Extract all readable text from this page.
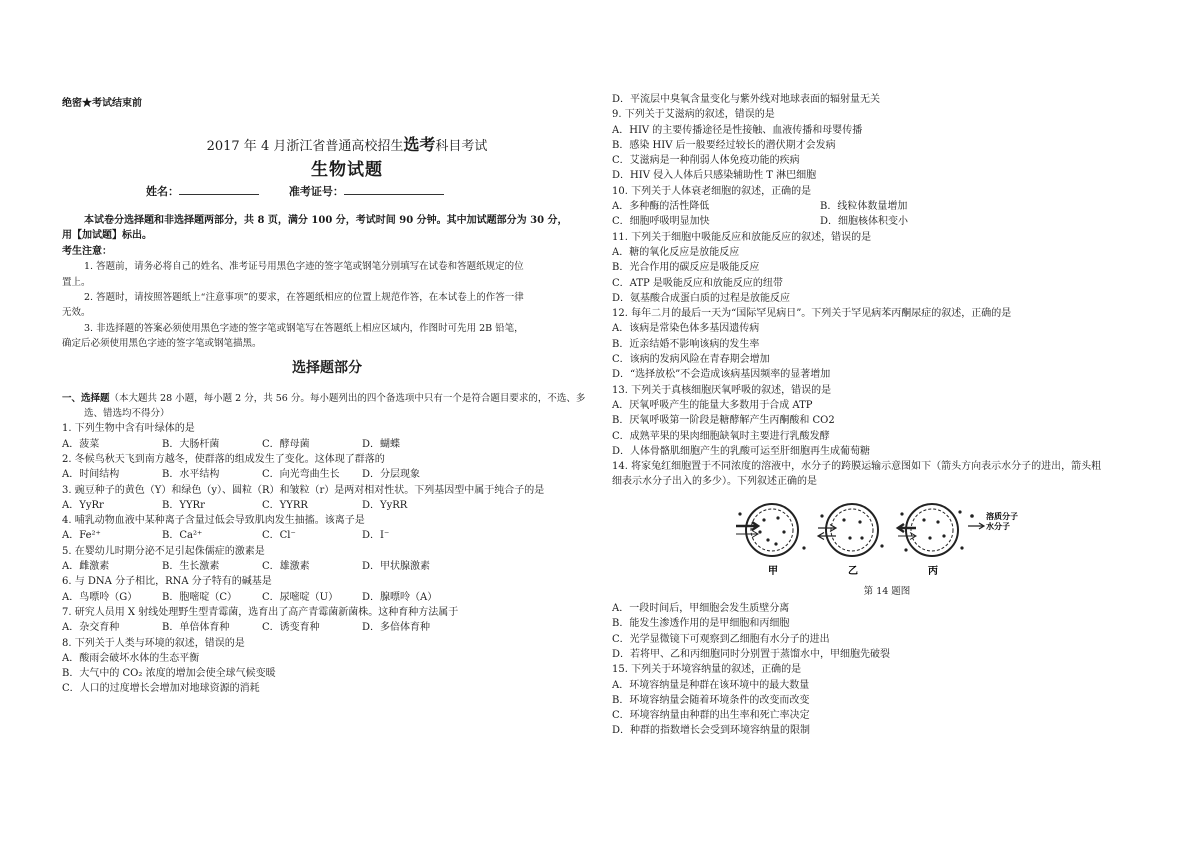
绝密★考试结束前
2017 年 4 月浙江省普通高校招生选考科目考试
生物试题
姓名：	准考证号：
本试卷分选择题和非选择题两部分，共 8 页，满分 100 分，考试时间 90 分钟。其中加试题部分为 30 分，
用【加试题】标出。
考生注意：
1. 答题前，请务必将自己的姓名、准考证号用黑色字迹的签字笔或钢笔分别填写在试卷和答题纸规定的位
置上。
2. 答题时，请按照答题纸上“注意事项”的要求，在答题纸相应的位置上规范作答，在本试卷上的作答一律
无效。
3. 非选择题的答案必须使用黑色字迹的签字笔或钢笔写在答题纸上相应区域内，作图时可先用 2B 铅笔，
确定后必须使用黑色字迹的签字笔或钢笔描黑。
选择题部分
一、选择题（本大题共 28 小题，每小题 2 分，共 56 分。每小题列出的四个备选项中只有一个是符合题目要求的，不选、多选、错选均不得分）
1. 下列生物中含有叶绿体的是
A．菠菜	B．大肠杆菌	C．酵母菌	D．蝴蝶
2. 冬候鸟秋天飞到南方越冬，使群落的组成发生了变化。这体现了群落的
A．时间结构	B．水平结构	C．向光弯曲生长	D．分层现象
3. 豌豆种子的黄色（Y）和绿色（y）、圆粒（R）和皱粒（r）是两对相对性状。下列基因型中属于纯合子的是
A．YyRr	B．YYRr	C．YYRR	D．YyRR
4. 哺乳动物血液中某种离子含量过低会导致肌肉发生抽搐。该离子是
A．Fe²⁺	B．Ca²⁺	C．Cl⁻	D．I⁻
5. 在婴幼儿时期分泌不足引起侏儒症的激素是
A．雌激素	B．生长激素	C．雄激素	D．甲状腺激素
6. 与 DNA 分子相比，RNA 分子特有的碱基是
A．鸟嘌呤（G）	B．胞嘧啶（C）	C．尿嘧啶（U）	D．腺嘌呤（A）
7. 研究人员用 X 射线处理野生型青霉菌，选育出了高产青霉菌新菌株。这种育种方法属于
A．杂交育种	B．单倍体育种	C．诱变育种	D．多倍体育种
8. 下列关于人类与环境的叙述，错误的是
A．酸雨会破坏水体的生态平衡
B．大气中的 CO₂ 浓度的增加会使全球气候变暖
C．人口的过度增长会增加对地球资源的消耗
D．平流层中臭氧含量变化与紫外线对地球表面的辐射量无关
9. 下列关于艾滋病的叙述，错误的是
A．HIV 的主要传播途径是性接触、血液传播和母婴传播
B．感染 HIV 后一般要经过较长的潜伏期才会发病
C．艾滋病是一种削弱人体免疫功能的疾病
D．HIV 侵入人体后只感染辅助性 T 淋巴细胞
10. 下列关于人体衰老细胞的叙述，正确的是
A．多种酶的活性降低	B．线粒体数量增加
C．细胞呼吸明显加快	D．细胞核体积变小
11. 下列关于细胞中吸能反应和放能反应的叙述，错误的是
A．糖的氧化反应是放能反应
B．光合作用的碳反应是吸能反应
C．ATP 是吸能反应和放能反应的纽带
D．氨基酸合成蛋白质的过程是放能反应
12. 每年二月的最后一天为“国际罕见病日”。下列关于罕见病苯丙酮尿症的叙述，正确的是
A．该病是常染色体多基因遗传病
B．近亲结婚不影响该病的发生率
C．该病的发病风险在青春期会增加
D．“选择放松”不会造成该病基因频率的显著增加
13. 下列关于真核细胞厌氧呼吸的叙述，错误的是
A．厌氧呼吸产生的能量大多数用于合成 ATP
B．厌氧呼吸第一阶段是糖酵解产生丙酮酸和 CO2
C．成熟苹果的果肉细胞缺氧时主要进行乳酸发酵
D．人体骨骼肌细胞产生的乳酸可运至肝细胞再生成葡萄糖
14. 将家兔红细胞置于不同浓度的溶液中，水分子的跨膜运输示意图如下（箭头方向表示水分子的进出，箭头粗
细表示水分子出入的多少）。下列叙述正确的是
溶质分子
水分子
甲	乙	丙
第 14 题图
A．一段时间后，甲细胞会发生质壁分离
B．能发生渗透作用的是甲细胞和丙细胞
C．光学显微镜下可观察到乙细胞有水分子的进出
D．若将甲、乙和丙细胞同时分别置于蒸馏水中，甲细胞先破裂
15. 下列关于环境容纳量的叙述，正确的是
A．环境容纳量是种群在该环境中的最大数量
B．环境容纳量会随着环境条件的改变而改变
C．环境容纳量由种群的出生率和死亡率决定
D．种群的指数增长会受到环境容纳量的限制
